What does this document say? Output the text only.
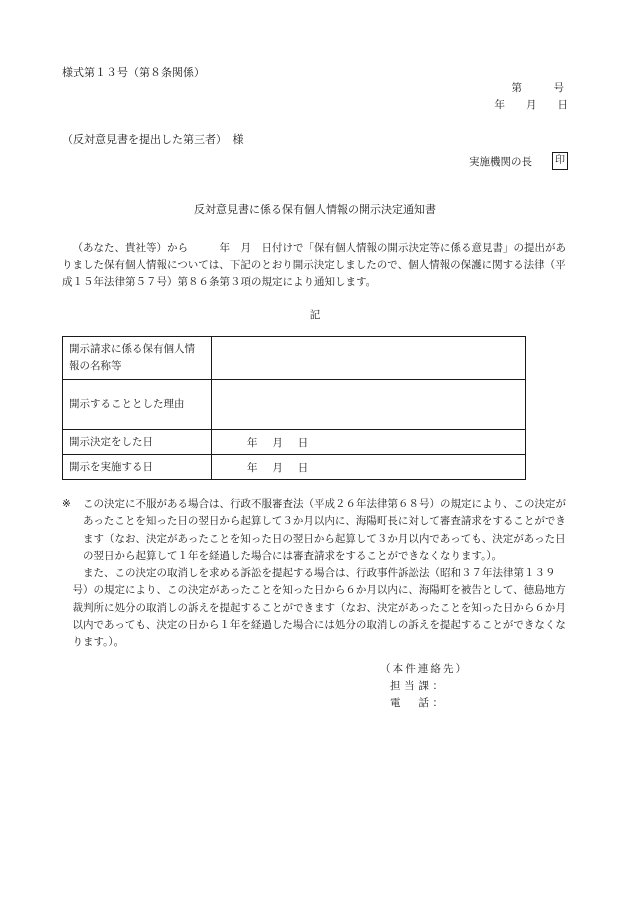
様式第１３号（第８条関係）
第　　　号
年　　月　　日
（反対意見書を提出した第三者）　様
実施機関の長	印
反対意見書に係る保有個人情報の開示決定通知書
（あなた、貴社等）から　　　年　月　日付けで「保有個人情報の開示決定等に係る意見書」の提出がありました保有個人情報については、下記のとおり開示決定しましたので、個人情報の保護に関する法律（平成１５年法律第５７号）第８６条第３項の規定により通知します。
記
開示請求に係る保有個人情報の名称等	
開示することとした理由	
開示決定をした日	年 月 日
開示を実施する日	年 月 日
※ この決定に不服がある場合は、行政不服審査法（平成２６年法律第６８号）の規定により、この決定があったことを知った日の翌日から起算して３か月以内に、海陽町長に対して審査請求をすることができます（なお、決定があったことを知った日の翌日から起算して３か月以内であっても、決定があった日の翌日から起算して１年を経過した場合には審査請求をすることができなくなります。）。
また、この決定の取消しを求める訴訟を提起する場合は、行政事件訴訟法（昭和３７年法律第１３９号）の規定により、この決定があったことを知った日から６か月以内に、海陽町を被告として、徳島地方裁判所に処分の取消しの訴えを提起することができます（なお、決定があったことを知った日から６か月以内であっても、決定の日から１年を経過した場合には処分の取消しの訴えを提起することができなくなります。）。
（本件連絡先）
担当課：
電　話：
